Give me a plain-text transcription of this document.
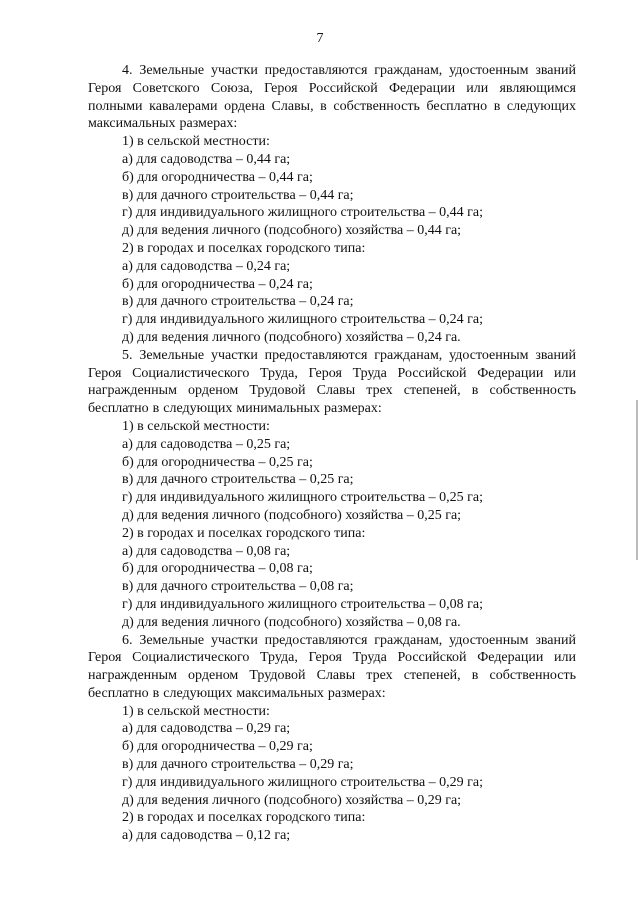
7

4. Земельные участки предоставляются гражданам, удостоенным званий Героя Советского Союза, Героя Российской Федерации или являющимся полными кавалерами ордена Славы, в собственность бесплатно в следующих максимальных размерах:

1) в сельской местности:

а) для садоводства – 0,44 га;

б) для огородничества – 0,44 га;

в) для дачного строительства – 0,44 га;

г) для индивидуального жилищного строительства – 0,44 га;

д) для ведения личного (подсобного) хозяйства – 0,44 га;

2) в городах и поселках городского типа:

а) для садоводства – 0,24 га;

б) для огородничества – 0,24 га;

в) для дачного строительства – 0,24 га;

г) для индивидуального жилищного строительства – 0,24 га;

д) для ведения личного (подсобного) хозяйства – 0,24 га.

5. Земельные участки предоставляются гражданам, удостоенным званий Героя Социалистического Труда, Героя Труда Российской Федерации или награжденным орденом Трудовой Славы трех степеней, в собственность бесплатно в следующих минимальных размерах:

1) в сельской местности:

а) для садоводства – 0,25 га;

б) для огородничества – 0,25 га;

в) для дачного строительства – 0,25 га;

г) для индивидуального жилищного строительства – 0,25 га;

д) для ведения личного (подсобного) хозяйства – 0,25 га;

2) в городах и поселках городского типа:

а) для садоводства – 0,08 га;

б) для огородничества – 0,08 га;

в) для дачного строительства – 0,08 га;

г) для индивидуального жилищного строительства – 0,08 га;

д) для ведения личного (подсобного) хозяйства – 0,08 га.

6. Земельные участки предоставляются гражданам, удостоенным званий Героя Социалистического Труда, Героя Труда Российской Федерации или награжденным орденом Трудовой Славы трех степеней, в собственность бесплатно в следующих максимальных размерах:

1) в сельской местности:

а) для садоводства – 0,29 га;

б) для огородничества – 0,29 га;

в) для дачного строительства – 0,29 га;

г) для индивидуального жилищного строительства – 0,29 га;

д) для ведения личного (подсобного) хозяйства – 0,29 га;

2) в городах и поселках городского типа:

а) для садоводства – 0,12 га;
